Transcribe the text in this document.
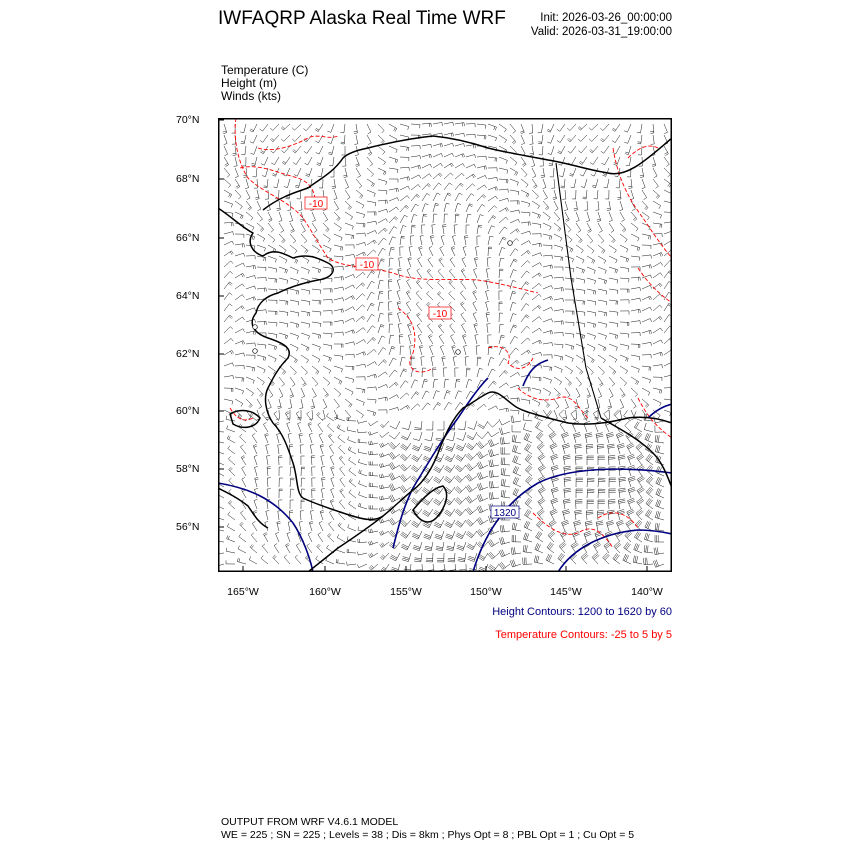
IWFAQRP Alaska Real Time WRF	Init: 2026-03-26_00:00:00
Valid: 2026-03-31_19:00:00
Temperature (C)
Height (m)
Winds (kts)
70°N
68°N
66°N
64°N
62°N
60°N
58°N
56°N
165°W	160°W	155°W	150°W	145°W	140°W
-10
-10
-10
1320
Height Contours: 1200 to 1620 by 60
Temperature Contours: -25 to 5 by 5
OUTPUT FROM WRF V4.6.1 MODEL
WE = 225 ; SN = 225 ; Levels = 38 ; Dis = 8km ; Phys Opt = 8 ; PBL Opt = 1 ; Cu Opt = 5
